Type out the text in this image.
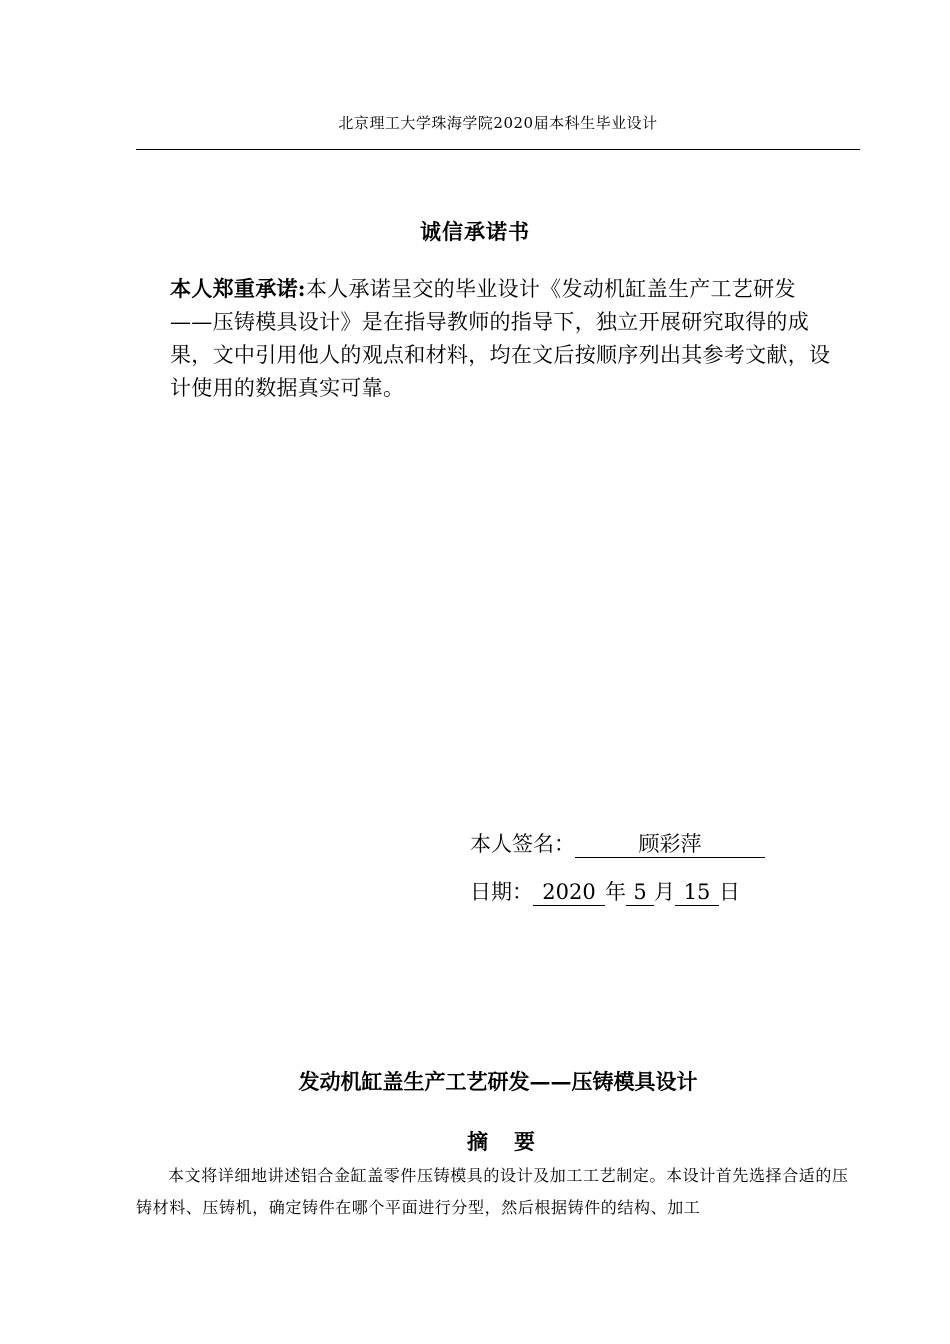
北京理工大学珠海学院2020届本科生毕业设计
诚信承诺书
本人郑重承诺:本人承诺呈交的毕业设计《发动机缸盖生产工艺研发——压铸模具设计》是在指导教师的指导下，独立开展研究取得的成果，文中引用他人的观点和材料，均在文后按顺序列出其参考文献，设计使用的数据真实可靠。
本人签名：	顾彩萍
日期： 2020 年 5 月 15 日
发动机缸盖生产工艺研发——压铸模具设计
摘 要
本文将详细地讲述铝合金缸盖零件压铸模具的设计及加工工艺制定。本设计首先选择合适的压铸材料、压铸机，确定铸件在哪个平面进行分型，然后根据铸件的结构、加工
